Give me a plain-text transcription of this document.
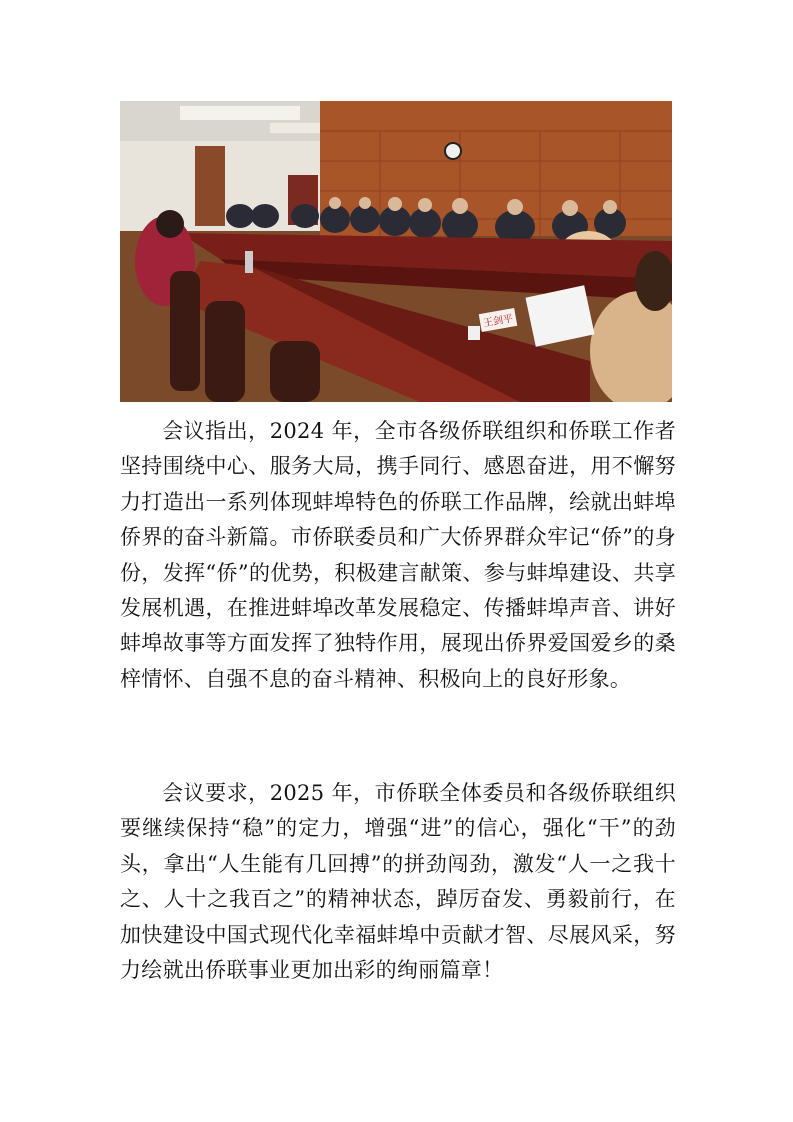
王剑平

会议指出，2024 年，全市各级侨联组织和侨联工作者坚持围绕中心、服务大局，携手同行、感恩奋进，用不懈努力打造出一系列体现蚌埠特色的侨联工作品牌，绘就出蚌埠侨界的奋斗新篇。市侨联委员和广大侨界群众牢记“侨”的身份，发挥“侨”的优势，积极建言献策、参与蚌埠建设、共享发展机遇，在推进蚌埠改革发展稳定、传播蚌埠声音、讲好蚌埠故事等方面发挥了独特作用，展现出侨界爱国爱乡的桑梓情怀、自强不息的奋斗精神、积极向上的良好形象。

会议要求，2025 年，市侨联全体委员和各级侨联组织要继续保持“稳”的定力，增强“进”的信心，强化“干”的劲头，拿出“人生能有几回搏”的拼劲闯劲，激发“人一之我十之、人十之我百之”的精神状态，踔厉奋发、勇毅前行，在加快建设中国式现代化幸福蚌埠中贡献才智、尽展风采，努力绘就出侨联事业更加出彩的绚丽篇章！
